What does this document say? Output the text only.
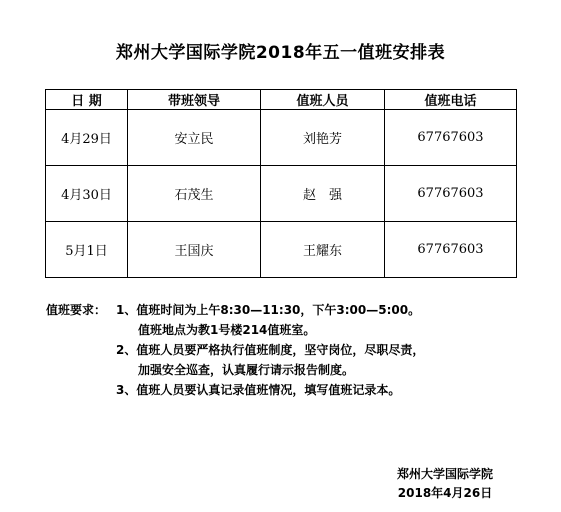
郑州大学国际学院2018年五一值班安排表
日 期	带班领导	值班人员	值班电话
4月29日	安立民	刘艳芳	67767603
4月30日	石茂生	赵　强	67767603
5月1日	王国庆	王耀东	67767603
值班要求： 1、值班时间为上午8:30—11:30，下午3:00—5:00。
值班地点为教1号楼214值班室。
2、值班人员要严格执行值班制度，坚守岗位，尽职尽责，
加强安全巡查，认真履行请示报告制度。
3、值班人员要认真记录值班情况，填写值班记录本。
郑州大学国际学院
2018年4月26日
